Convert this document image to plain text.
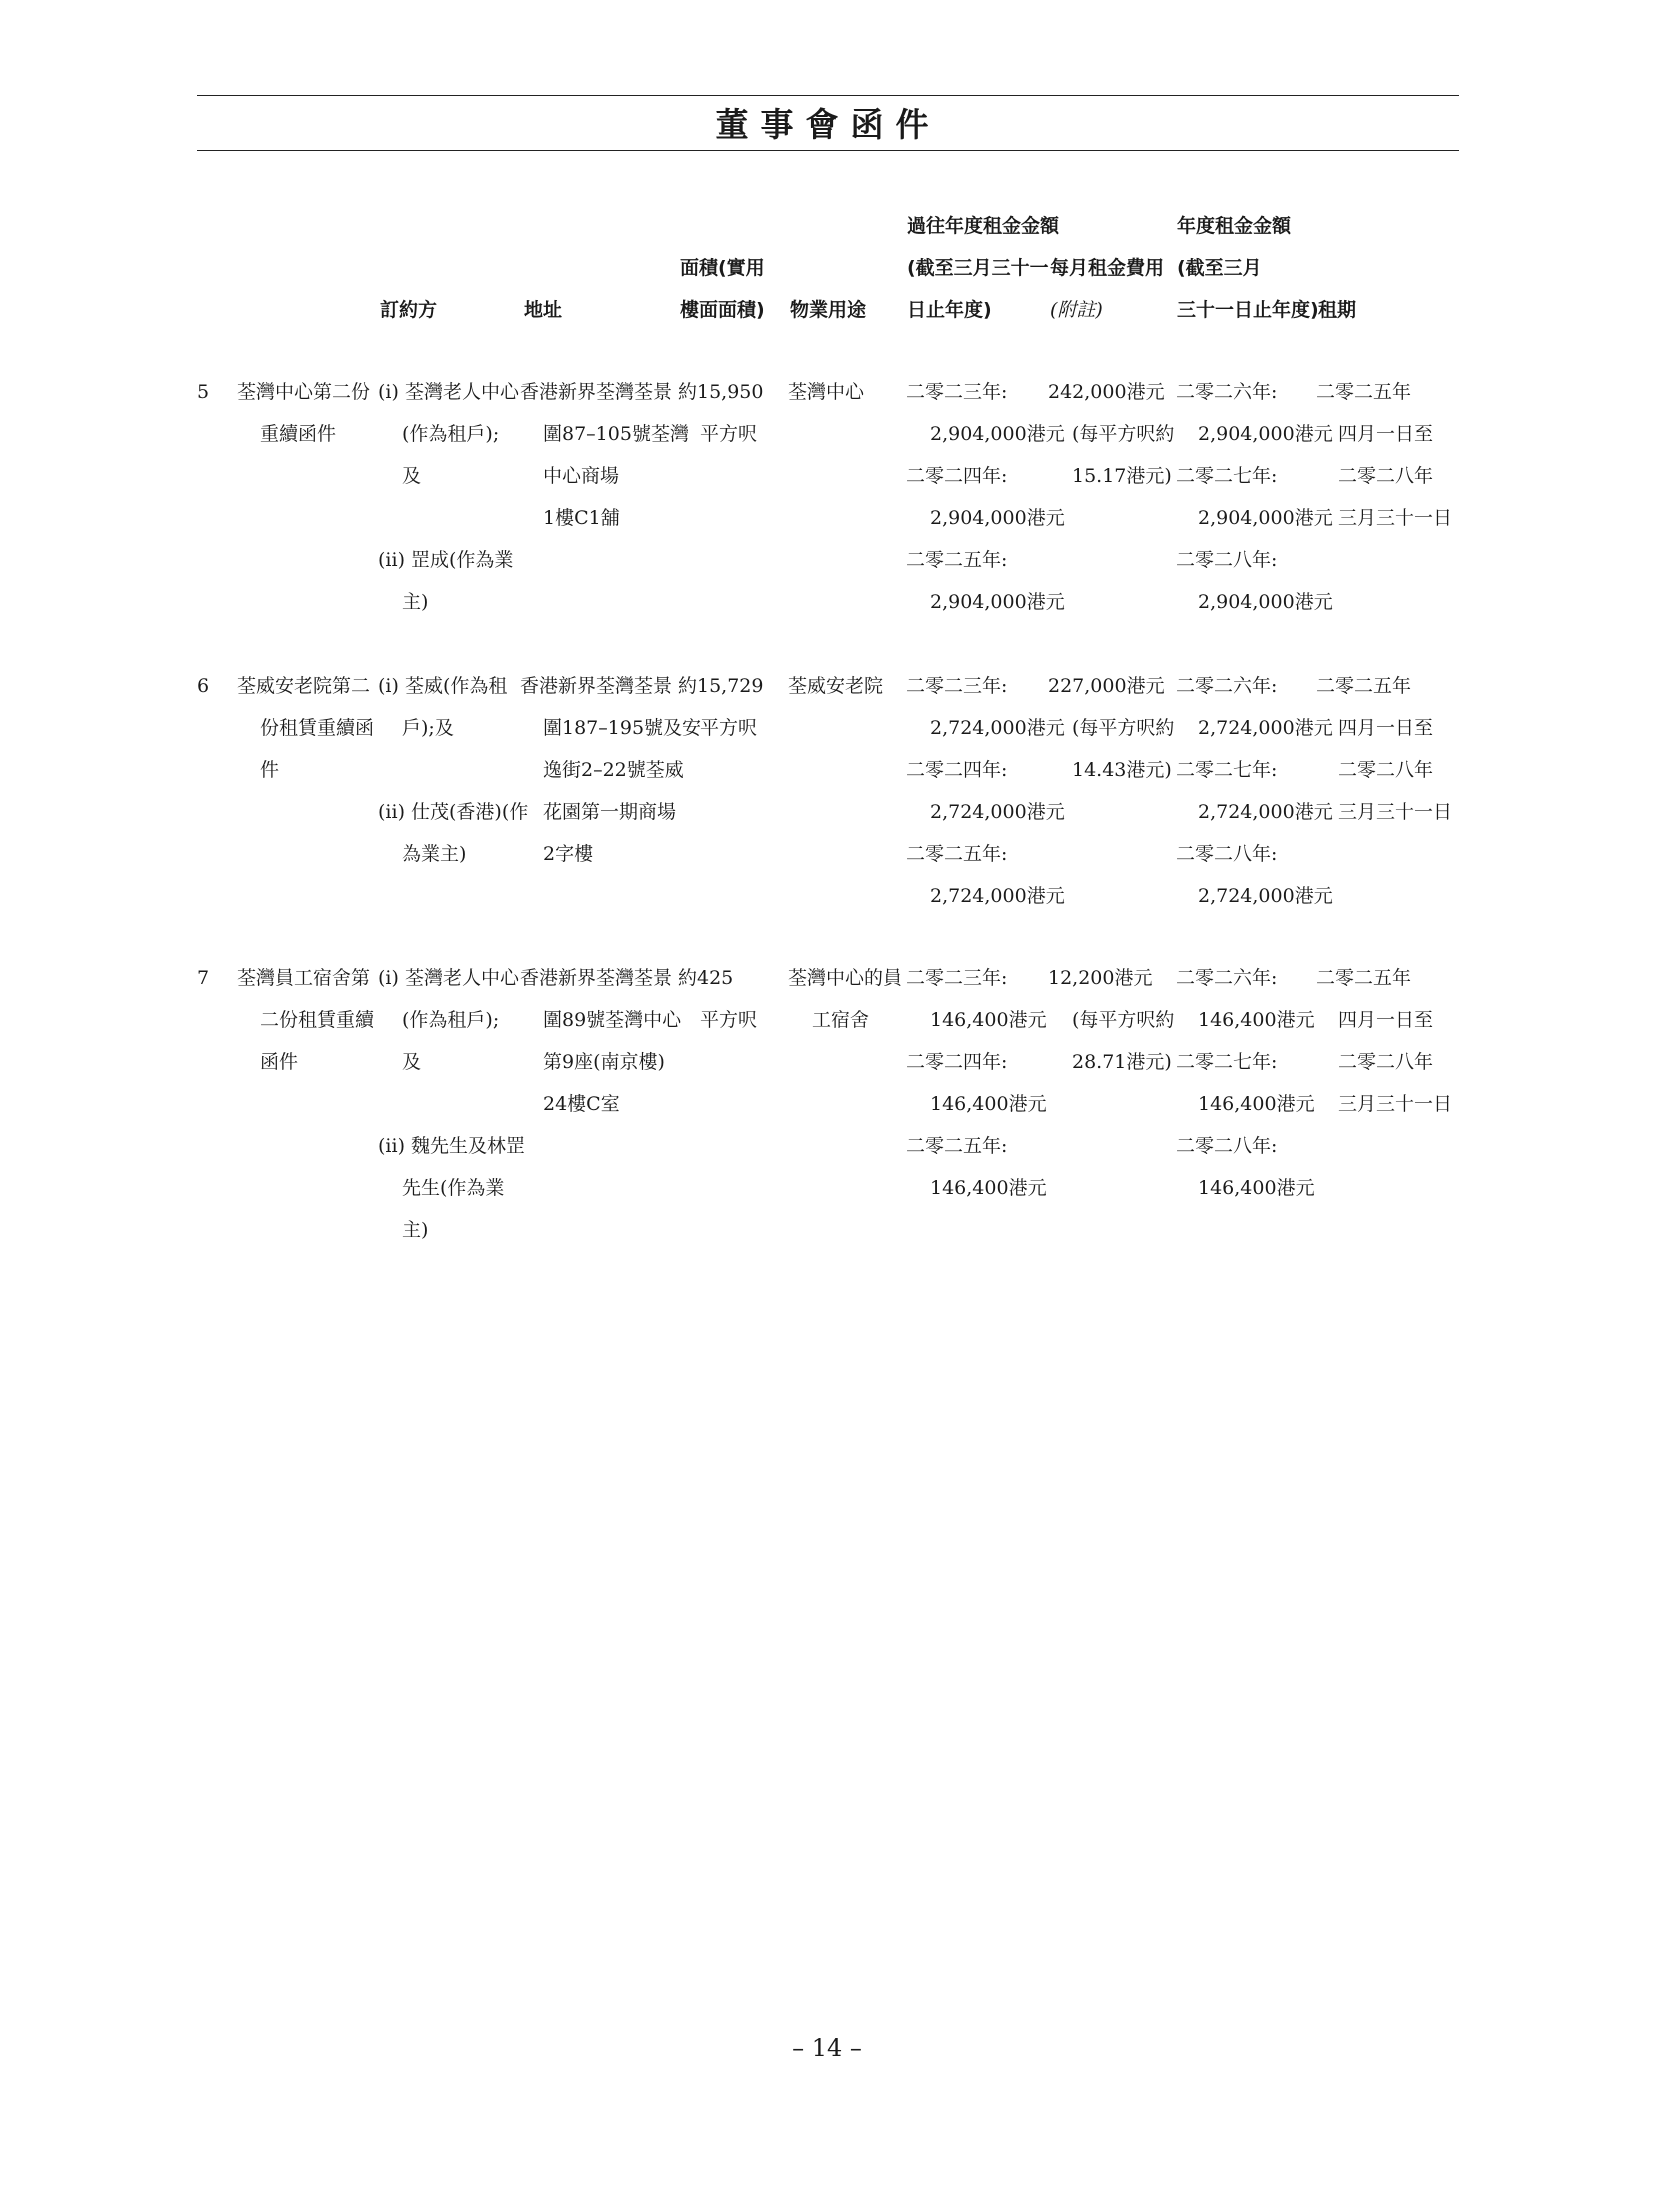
董事會函件
訂約方	地址
面積(實用
樓面面積) 物業用途
過往年度租金金額
(截至三月三十一
日止年度)
每月租金費用
(附註)
年度租金金額
(截至三月
三十一日止年度) 租期
5 荃灣中心第二份
重續函件
(i) 荃灣老人中心
(作為租戶);
及
(ii) 罡成(作為業
主)
香港新界荃灣荃景
圍87–105號荃灣
中心商場
1樓C1舖
約15,950
平方呎
荃灣中心 二零二三年:
2,904,000港元
二零二四年:
2,904,000港元
二零二五年:
2,904,000港元
242,000港元
(每平方呎約
15.17港元)
二零二六年:
2,904,000港元
二零二七年:
2,904,000港元
二零二八年:
2,904,000港元
二零二五年
四月一日至
二零二八年
三月三十一日
6 荃威安老院第二
份租賃重續函
件
(i) 荃威(作為租
戶);及
(ii) 仕茂(香港)(作
為業主)
香港新界荃灣荃景
圍187–195號及安
逸街2–22號荃威
花園第一期商場
2字樓
約15,729
平方呎
荃威安老院 二零二三年:
2,724,000港元
二零二四年:
2,724,000港元
二零二五年:
2,724,000港元
227,000港元
(每平方呎約
14.43港元)
二零二六年:
2,724,000港元
二零二七年:
2,724,000港元
二零二八年:
2,724,000港元
二零二五年
四月一日至
二零二八年
三月三十一日
7 荃灣員工宿舍第
二份租賃重續
函件
(i) 荃灣老人中心
(作為租戶);
及
(ii) 魏先生及林罡
先生(作為業
主)
香港新界荃灣荃景
圍89號荃灣中心
第9座(南京樓)
24樓C室
約425
平方呎
荃灣中心的員
工宿舍
二零二三年:
146,400港元
二零二四年:
146,400港元
二零二五年:
146,400港元
12,200港元
(每平方呎約
28.71港元)
二零二六年:
146,400港元
二零二七年:
146,400港元
二零二八年:
146,400港元
二零二五年
四月一日至
二零二八年
三月三十一日
– 14 –
